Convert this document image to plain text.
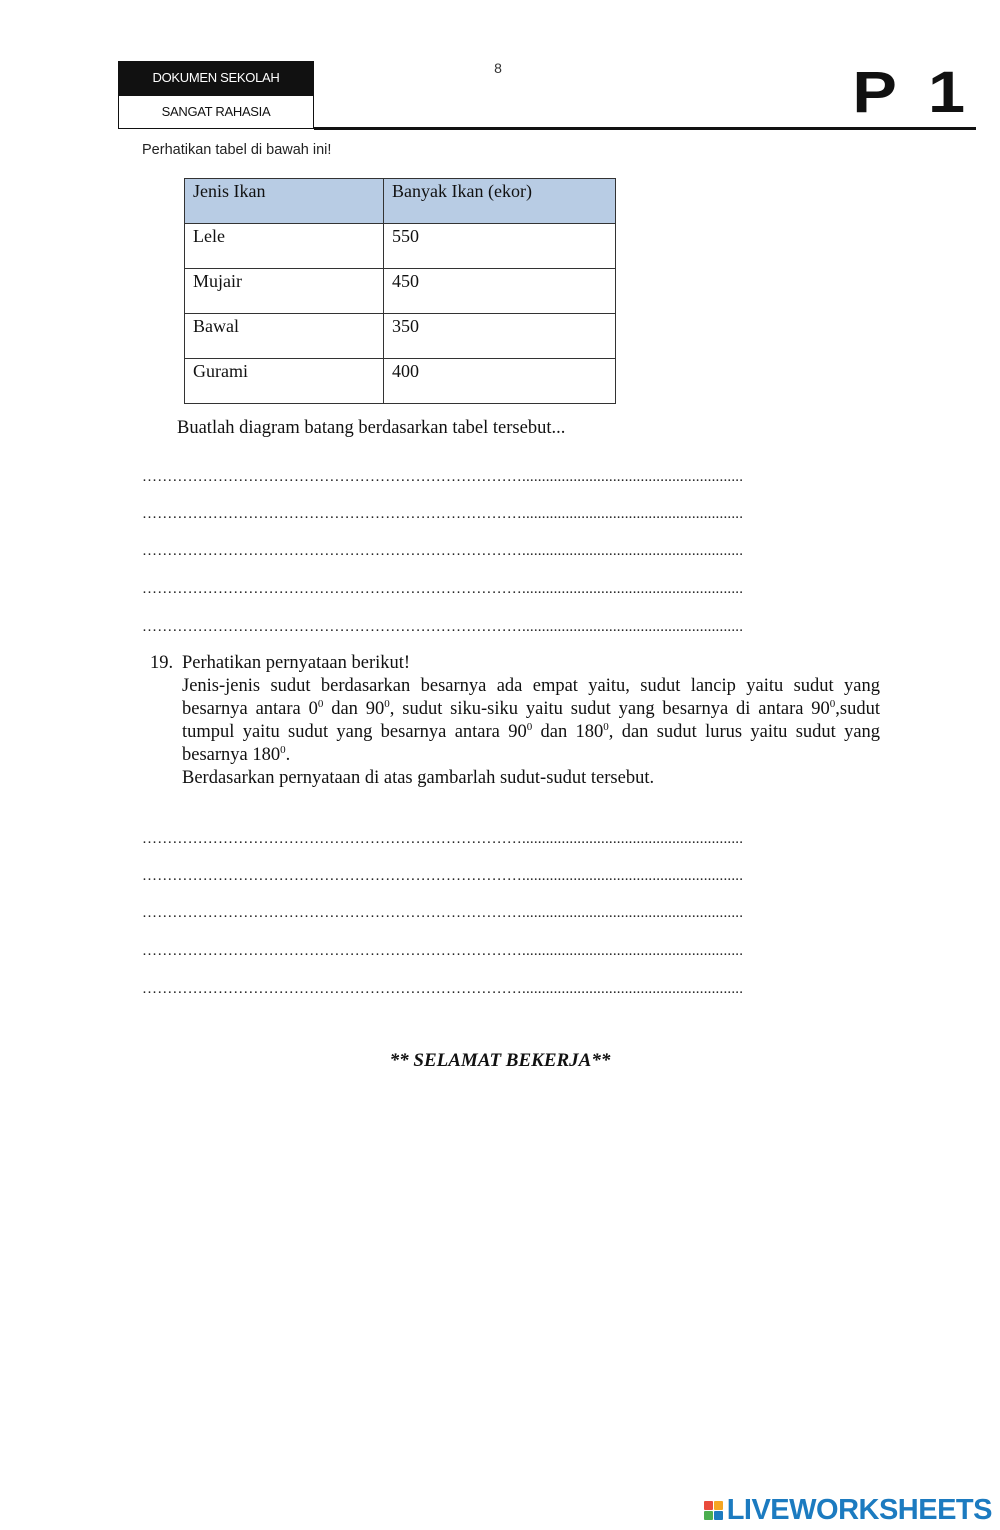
DOKUMEN SEKOLAH
SANGAT RAHASIA
8	P 1
Perhatikan tabel di bawah ini!
Jenis Ikan	Banyak Ikan (ekor)
Lele	550
Mujair	450
Bawal	350
Gurami	400
Buatlah diagram batang berdasarkan tabel tersebut...
…………………………………………………………………........................................................
…………………………………………………………………........................................................
…………………………………………………………………........................................................
…………………………………………………………………........................................................
…………………………………………………………………........................................................
19. Perhatikan pernyataan berikut!
Jenis-jenis sudut berdasarkan besarnya ada empat yaitu, sudut lancip yaitu sudut yang besarnya antara $0^0$ dan $90^0$, sudut siku-siku yaitu sudut yang besarnya di antara $90^0,sudut$ tumpul yaitu sudut yang besarnya antara $90^0$ dan $180^0$, dan sudut lurus yaitu sudut yang besarnya $180^0$.
Berdasarkan pernyataan di atas gambarlah sudut-sudut tersebut.
…………………………………………………………………........................................................
…………………………………………………………………........................................................
…………………………………………………………………........................................................
…………………………………………………………………........................................................
…………………………………………………………………........................................................
** SELAMAT BEKERJA**
LIVEWORKSHEETS
